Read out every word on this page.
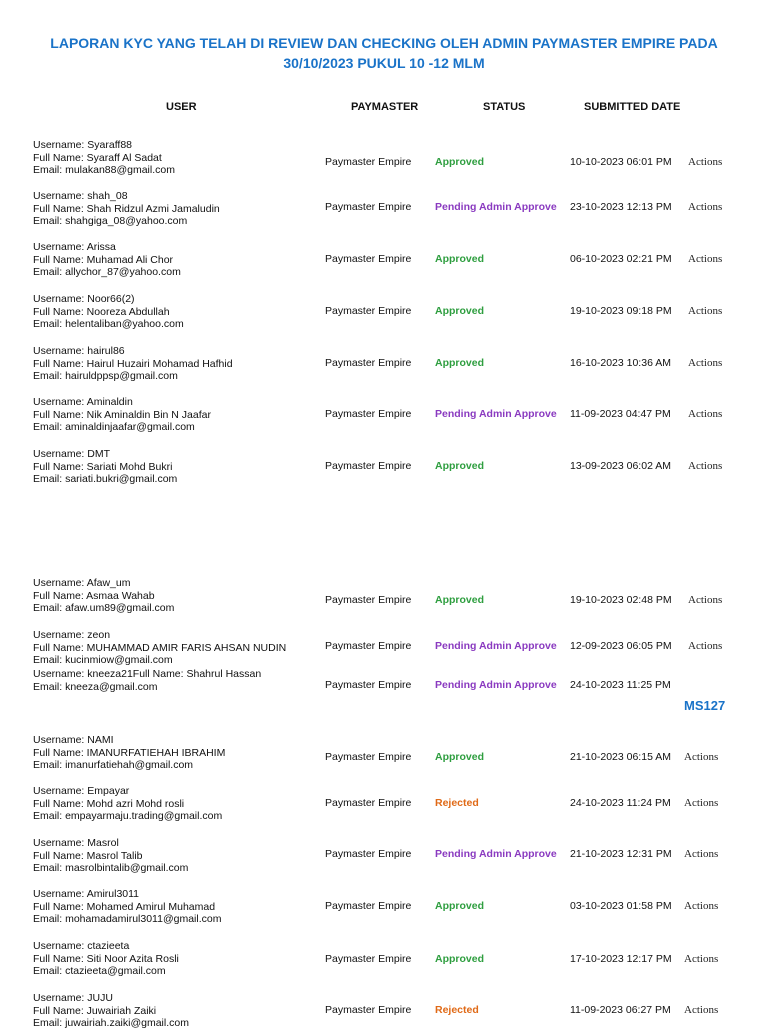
LAPORAN KYC YANG TELAH DI REVIEW DAN CHECKING OLEH ADMIN PAYMASTER EMPIRE PADA
30/10/2023 PUKUL 10 -12 MLM
USER	PAYMASTER	STATUS	SUBMITTED DATE
MS127
Username: Syaraff88
Full Name: Syaraff Al Sadat
Email: mulakan88@gmail.com
Paymaster Empire Approved	10-10-2023 06:01 PM Actions
Username: shah_08
Full Name: Shah Ridzul Azmi Jamaludin
Email: shahgiga_08@yahoo.com
Paymaster Empire Pending Admin Approve 23-10-2023 12:13 PM Actions
Username: Arissa
Full Name: Muhamad Ali Chor
Email: allychor_87@yahoo.com
Paymaster Empire Approved	06-10-2023 02:21 PM Actions
Username: Noor66(2)
Full Name: Nooreza Abdullah
Email: helentaliban@yahoo.com
Paymaster Empire Approved	19-10-2023 09:18 PM Actions
Username: hairul86
Full Name: Hairul Huzairi Mohamad Hafhid
Email: hairuldppsp@gmail.com
Paymaster Empire Approved	16-10-2023 10:36 AM Actions
Username: Aminaldin
Full Name: Nik Aminaldin Bin N Jaafar
Email: aminaldinjaafar@gmail.com
Paymaster Empire Pending Admin Approve 11-09-2023 04:47 PM Actions
Username: DMT
Full Name: Sariati Mohd Bukri
Email: sariati.bukri@gmail.com
Paymaster Empire Approved	13-09-2023 06:02 AM Actions
Username: Afaw_um
Full Name: Asmaa Wahab
Email: afaw.um89@gmail.com
Paymaster Empire Approved	19-10-2023 02:48 PM Actions
Username: zeon
Full Name: MUHAMMAD AMIR FARIS AHSAN NUDIN
Email: kucinmiow@gmail.com
Paymaster Empire Pending Admin Approve 12-09-2023 06:05 PM Actions
Username: kneeza21Full Name: Shahrul Hassan
Email: kneeza@gmail.com	Paymaster Empire Pending Admin Approve 24-10-2023 11:25 PM
Username: NAMI
Full Name: IMANURFATIEHAH IBRAHIM
Email: imanurfatiehah@gmail.com
Paymaster Empire Approved	21-10-2023 06:15 AM Actions
Username: Empayar
Full Name: Mohd azri Mohd rosli
Email: empayarmaju.trading@gmail.com
Paymaster Empire Rejected	24-10-2023 11:24 PM Actions
Username: Masrol
Full Name: Masrol Talib
Email: masrolbintalib@gmail.com
Paymaster Empire Pending Admin Approve 21-10-2023 12:31 PM Actions
Username: Amirul3011
Full Name: Mohamed Amirul Muhamad
Email: mohamadamirul3011@gmail.com
Paymaster Empire Approved	03-10-2023 01:58 PM Actions
Username: ctazieeta
Full Name: Siti Noor Azita Rosli
Email: ctazieeta@gmail.com
Paymaster Empire Approved	17-10-2023 12:17 PM Actions
Username: JUJU
Full Name: Juwairiah Zaiki
Email: juwairiah.zaiki@gmail.com
Paymaster Empire Rejected	11-09-2023 06:27 PM Actions
